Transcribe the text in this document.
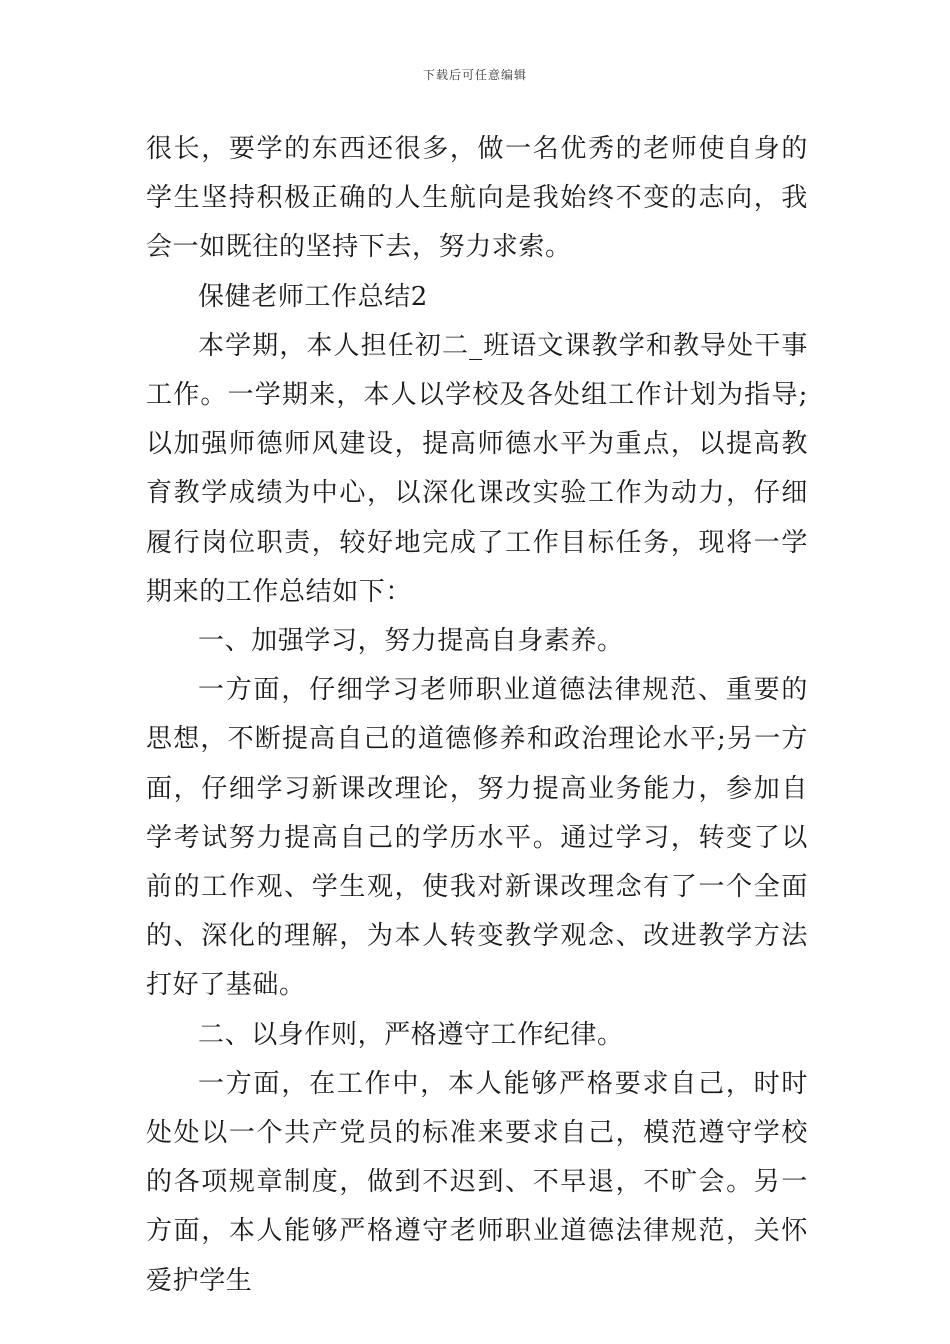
下载后可任意编辑

很长，要学的东西还很多，做一名优秀的老师使自身的学生坚持积极正确的人生航向是我始终不变的志向，我会一如既往的坚持下去，努力求索。

保健老师工作总结2

本学期，本人担任初二_班语文课教学和教导处干事工作。一学期来，本人以学校及各处组工作计划为指导;以加强师德师风建设，提高师德水平为重点，以提高教育教学成绩为中心，以深化课改实验工作为动力，仔细履行岗位职责，较好地完成了工作目标任务，现将一学期来的工作总结如下：

一、加强学习，努力提高自身素养。

一方面，仔细学习老师职业道德法律规范、重要的思想，不断提高自己的道德修养和政治理论水平;另一方面，仔细学习新课改理论，努力提高业务能力，参加自学考试努力提高自己的学历水平。通过学习，转变了以前的工作观、学生观，使我对新课改理念有了一个全面的、深化的理解，为本人转变教学观念、改进教学方法打好了基础。

二、以身作则，严格遵守工作纪律。

一方面，在工作中，本人能够严格要求自己，时时处处以一个共产党员的标准来要求自己，模范遵守学校的各项规章制度，做到不迟到、不早退，不旷会。另一方面，本人能够严格遵守老师职业道德法律规范，关怀爱护学生
